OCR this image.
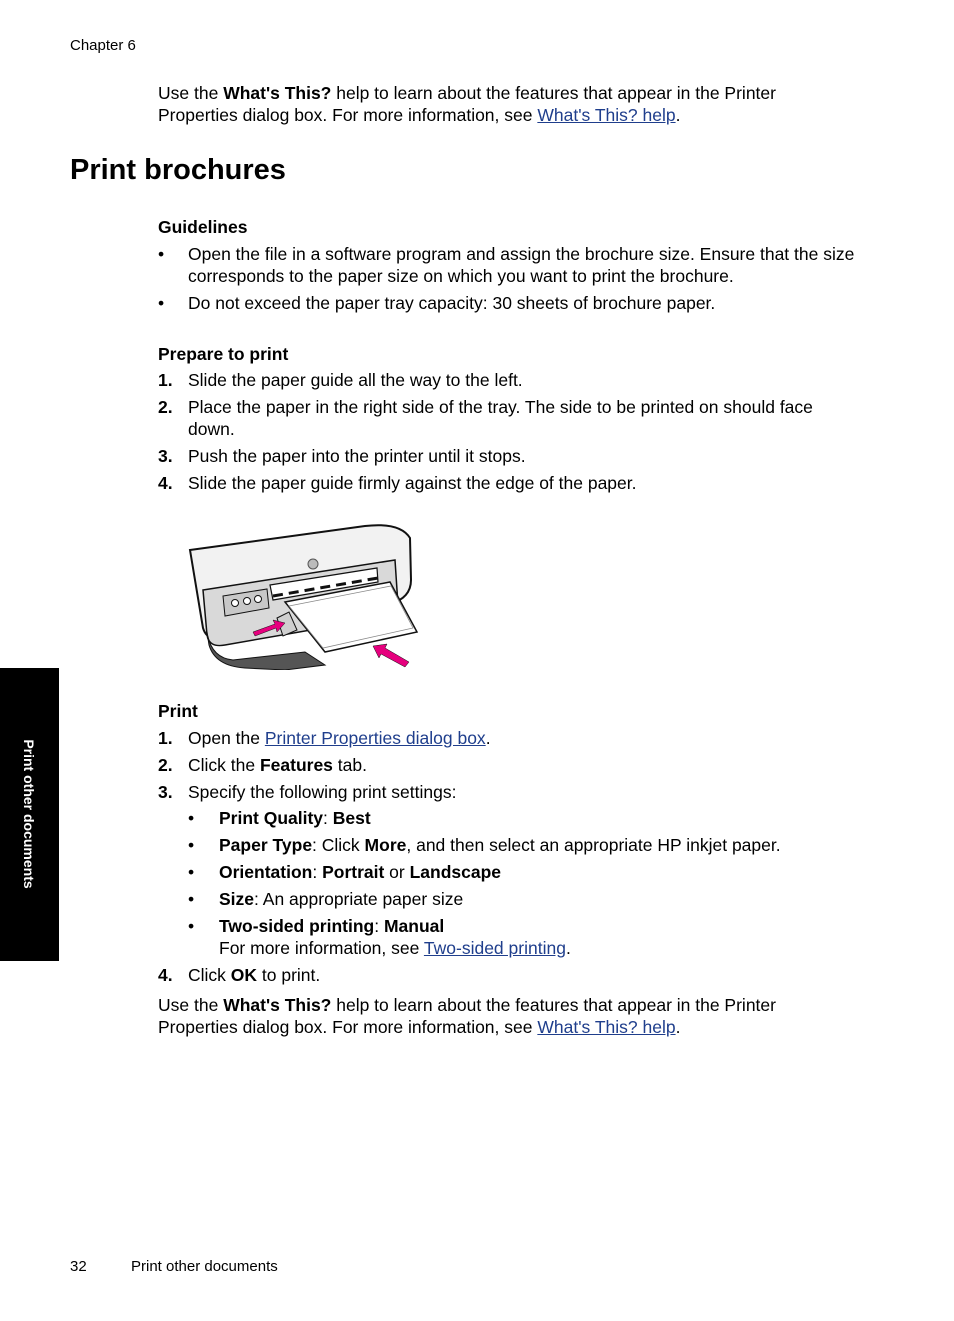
Chapter 6
Use the What's This? help to learn about the features that appear in the Printer Properties dialog box. For more information, see What's This? help.
Print brochures
Guidelines
• Open the file in a software program and assign the brochure size. Ensure that the size corresponds to the paper size on which you want to print the brochure.
• Do not exceed the paper tray capacity: 30 sheets of brochure paper.
Prepare to print
1. Slide the paper guide all the way to the left.
2. Place the paper in the right side of the tray. The side to be printed on should face down.
3. Push the paper into the printer until it stops.
4. Slide the paper guide firmly against the edge of the paper.
Print
1. Open the Printer Properties dialog box.
2. Click the Features tab.
3. Specify the following print settings:
• Print Quality: Best
• Paper Type: Click More, and then select an appropriate HP inkjet paper.
• Orientation: Portrait or Landscape
• Size: An appropriate paper size
• Two-sided printing: Manual
For more information, see Two-sided printing.
4. Click OK to print.
Use the What's This? help to learn about the features that appear in the Printer Properties dialog box. For more information, see What's This? help.
Print other documents
32	Print other documents
